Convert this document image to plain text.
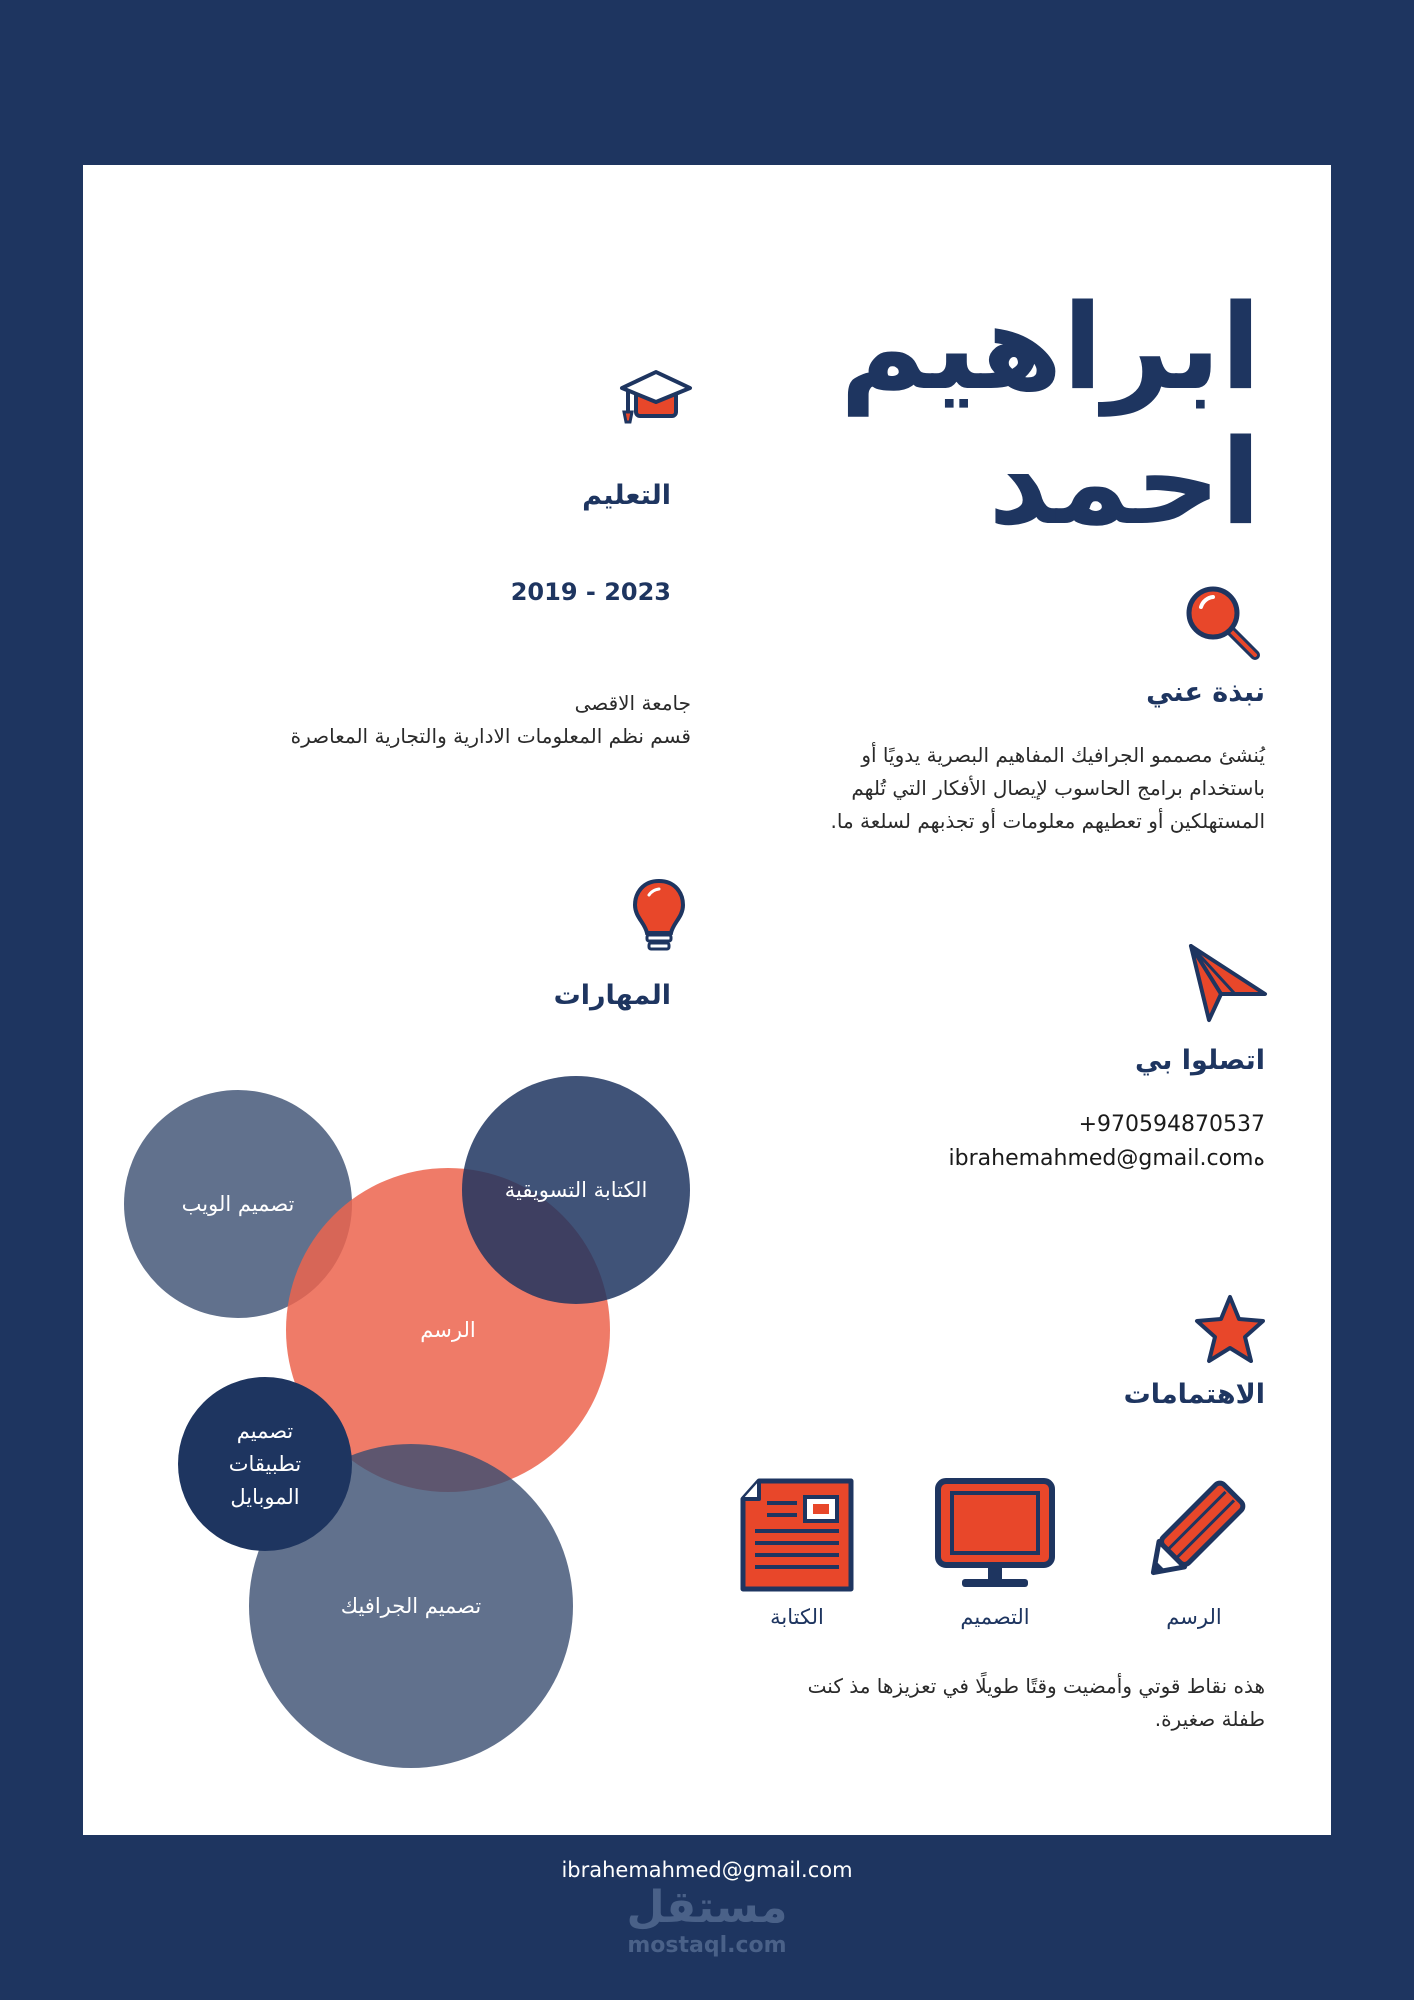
ابراهيم
احمد
التعليم
2023 - 2019
جامعة الاقصى
قسم نظم المعلومات الادارية والتجارية المعاصرة
نبذة عني
يُنشئ مصممو الجرافيك المفاهيم البصرية يدويًا أو
باستخدام برامج الحاسوب لإيصال الأفكار التي تُلهم
المستهلكين أو تعطيهم معلومات أو تجذبهم لسلعة ما.
المهارات
تصميم الويب
الرسم
الكتابة التسويقية
تصميم الجرافيك
تصميم
تطبيقات
الموبايل
اتصلوا بي
+970594870537
ibrahemahmed@gmail.comه
الاهتمامات
الرسم
التصميم
الكتابة
هذه نقاط قوتي وأمضيت وقتًا طويلًا في تعزيزها مذ كنت
طفلة صغيرة.
ibrahemahmed@gmail.com
مستقل
mostaql.com
